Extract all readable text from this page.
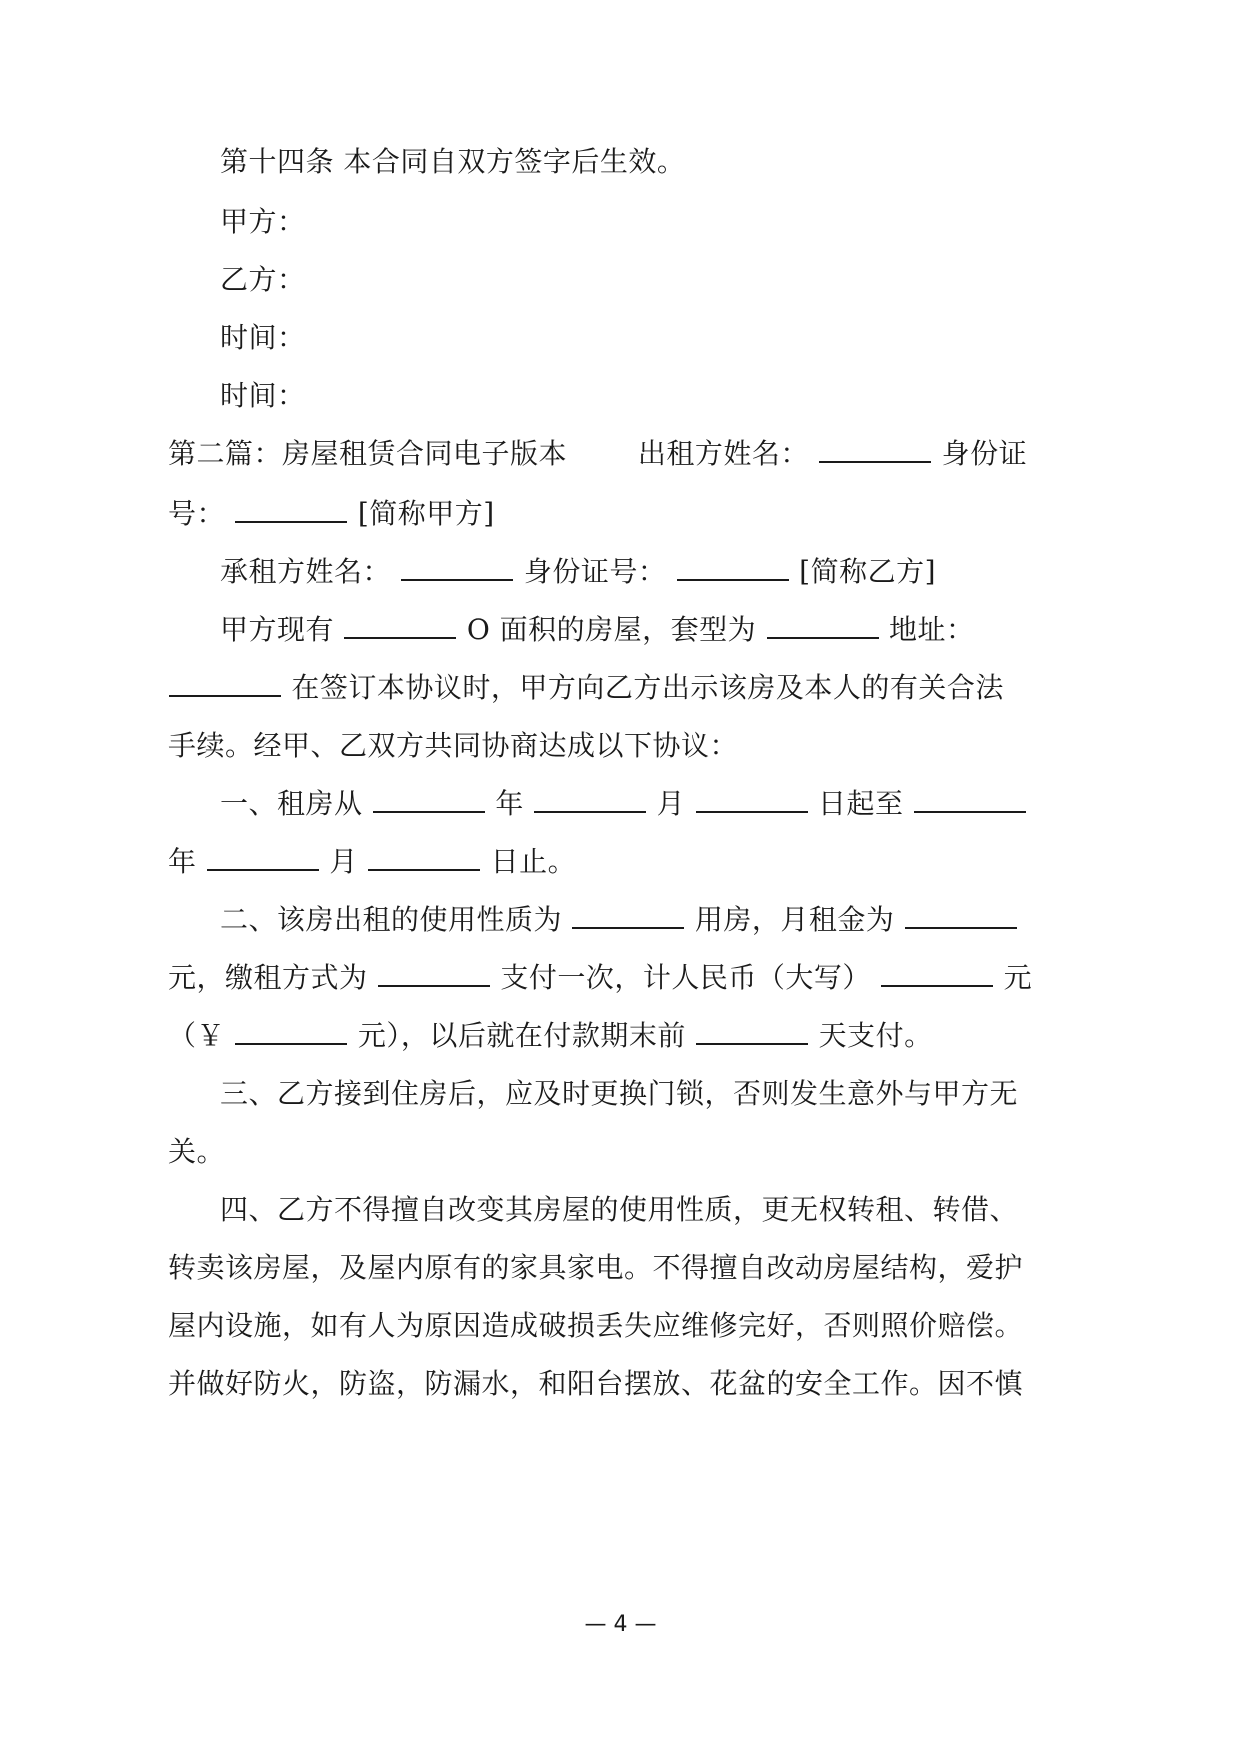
第十四条 本合同自双方签字后生效。
甲方：
乙方：
时间：
时间：
第二篇：房屋租赁合同电子版本	出租方姓名：	身份证
号：	[简称甲方]
承租方姓名：	身份证号：	[简称乙方]
甲方现有	O 面积的房屋，套型为	地址：
在签订本协议时，甲方向乙方出示该房及本人的有关合法
手续。经甲、乙双方共同协商达成以下协议：
一、租房从	年	月	日起至
年	月	日止。
二、该房出租的使用性质为	用房，月租金为
元，缴租方式为	支付一次，计人民币（大写）	元
（￥	元），以后就在付款期末前	天支付。
三、乙方接到住房后，应及时更换门锁，否则发生意外与甲方无
关。
四、乙方不得擅自改变其房屋的使用性质，更无权转租、转借、
转卖该房屋，及屋内原有的家具家电。不得擅自改动房屋结构，爱护
屋内设施，如有人为原因造成破损丢失应维修完好，否则照价赔偿。
并做好防火，防盗，防漏水，和阳台摆放、花盆的安全工作。因不慎
— 4 —
